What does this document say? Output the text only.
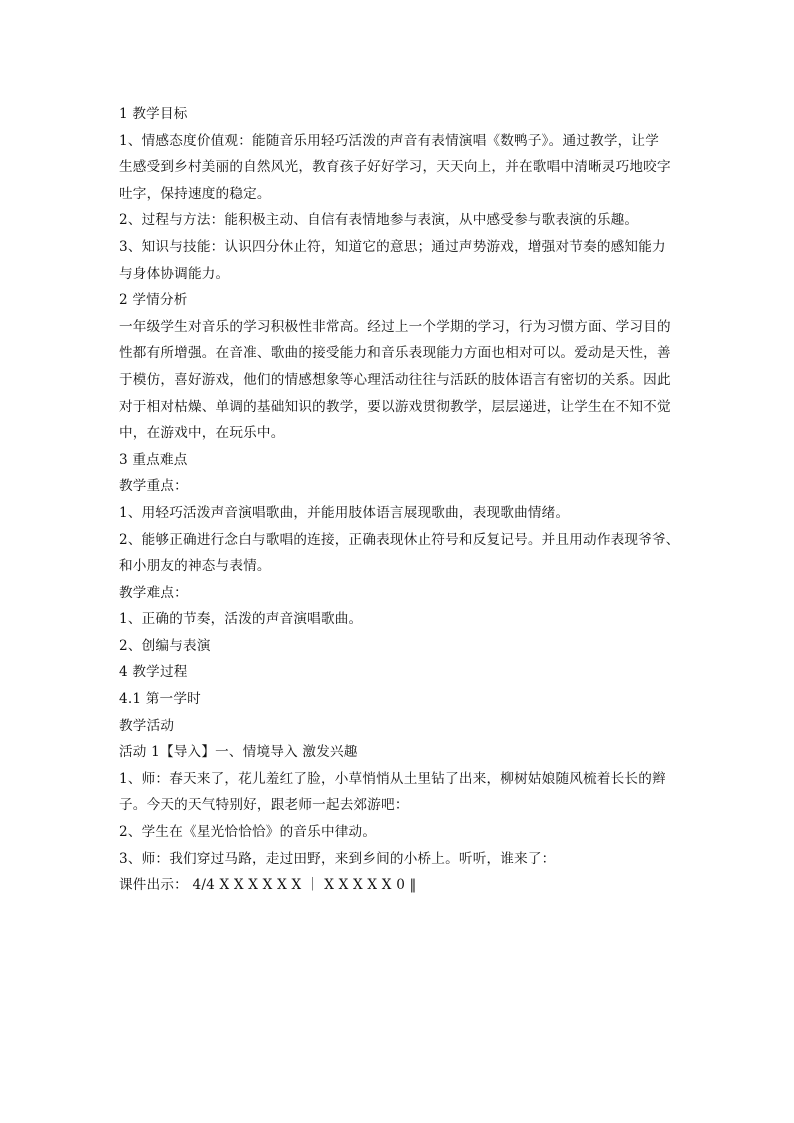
1 教学目标

1、情感态度价值观：能随音乐用轻巧活泼的声音有表情演唱《数鸭子》。通过教学，让学

生感受到乡村美丽的自然风光，教育孩子好好学习，天天向上，并在歌唱中清晰灵巧地咬字

吐字，保持速度的稳定。

2、过程与方法：能积极主动、自信有表情地参与表演，从中感受参与歌表演的乐趣。

3、知识与技能：认识四分休止符，知道它的意思；通过声势游戏，增强对节奏的感知能力

与身体协调能力。

2 学情分析

一年级学生对音乐的学习积极性非常高。经过上一个学期的学习，行为习惯方面、学习目的

性都有所增强。在音准、歌曲的接受能力和音乐表现能力方面也相对可以。爱动是天性，善

于模仿，喜好游戏，他们的情感想象等心理活动往往与活跃的肢体语言有密切的关系。因此

对于相对枯燥、单调的基础知识的教学，要以游戏贯彻教学，层层递进，让学生在不知不觉

中，在游戏中，在玩乐中。

3 重点难点

教学重点：

1、用轻巧活泼声音演唱歌曲，并能用肢体语言展现歌曲，表现歌曲情绪。

2、能够正确进行念白与歌唱的连接，正确表现休止符号和反复记号。并且用动作表现爷爷、

和小朋友的神态与表情。

教学难点：

1、正确的节奏，活泼的声音演唱歌曲。

2、创编与表演

4 教学过程

4.1 第一学时

教学活动

活动 1【导入】一、情境导入 激发兴趣

1、师：春天来了，花儿羞红了脸，小草悄悄从土里钻了出来，柳树姑娘随风梳着长长的辫

子。今天的天气特别好，跟老师一起去郊游吧：

2、学生在《星光恰恰恰》的音乐中律动。

3、师：我们穿过马路，走过田野，来到乡间的小桥上。听听，谁来了：

课件出示： 4/4 X X X X X X ｜ X X X X X 0 ‖
